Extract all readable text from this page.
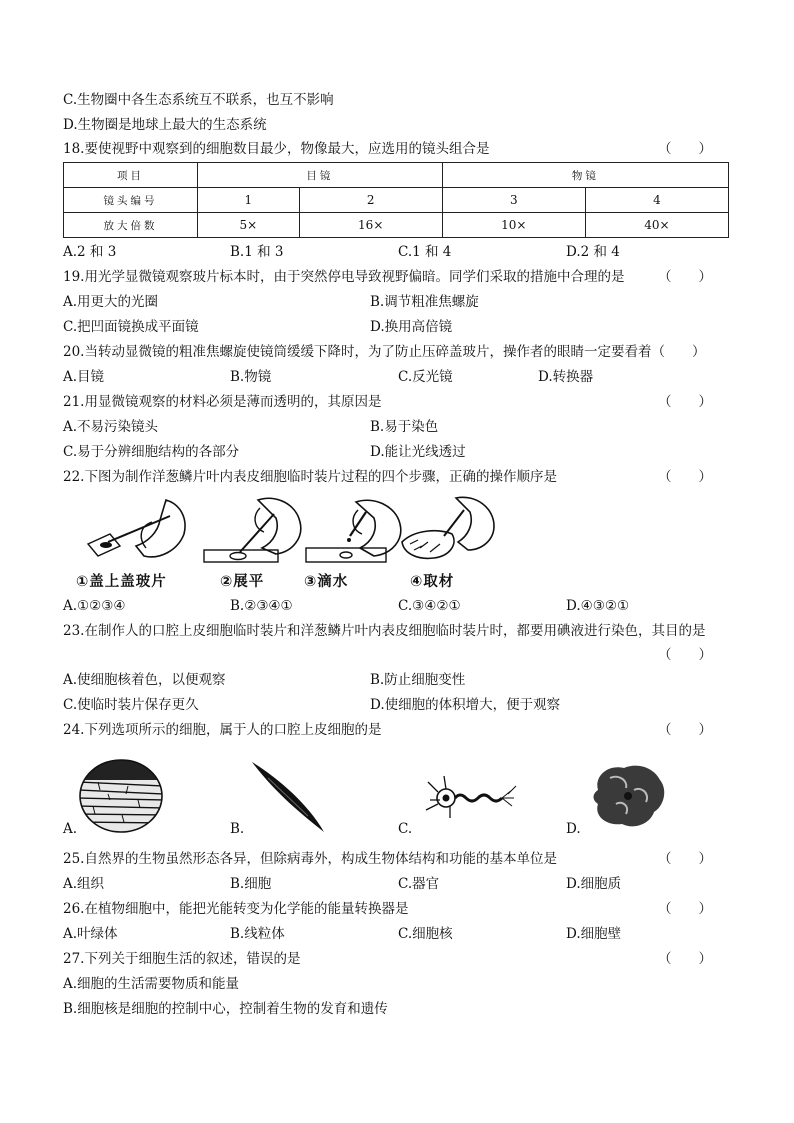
C.生物圈中各生态系统互不联系，也互不影响
D.生物圈是地球上最大的生态系统
18.要使视野中观察到的细胞数目最少，物像最大，应选用的镜头组合是	（　　）
项目	目镜		物镜	
镜头编号	1	2	3	4
放大倍数	5×	16×	10×	40×
A.2 和 3	B.1 和 3	C.1 和 4	D.2 和 4
19.用光学显微镜观察玻片标本时，由于突然停电导致视野偏暗。同学们采取的措施中合理的是 （　　）
A.用更大的光圈	B.调节粗准焦螺旋
C.把凹面镜换成平面镜	D.换用高倍镜
20.当转动显微镜的粗准焦螺旋使镜筒缓缓下降时，为了防止压碎盖玻片，操作者的眼睛一定要看着（　　）
A.目镜	B.物镜	C.反光镜	D.转换器
21.用显微镜观察的材料必须是薄而透明的，其原因是	（　　）
A.不易污染镜头	B.易于染色
C.易于分辨细胞结构的各部分	D.能让光线透过
22.下图为制作洋葱鳞片叶内表皮细胞临时装片过程的四个步骤，正确的操作顺序是	（　　）
①盖上盖玻片	②展平	③滴水	④取材
A.①②③④	B.②③④①	C.③④②①	D.④③②①
23.在制作人的口腔上皮细胞临时装片和洋葱鳞片叶内表皮细胞临时装片时，都要用碘液进行染色，其目的是
（　　）
A.使细胞核着色，以便观察	B.防止细胞变性
C.使临时装片保存更久	D.使细胞的体积增大，便于观察
24.下列选项所示的细胞，属于人的口腔上皮细胞的是	（　　）
A.	B.	C.	D.
25.自然界的生物虽然形态各异，但除病毒外，构成生物体结构和功能的基本单位是	（　　）
A.组织	B.细胞	C.器官	D.细胞质
26.在植物细胞中，能把光能转变为化学能的能量转换器是	（　　）
A.叶绿体	B.线粒体	C.细胞核	D.细胞壁
27.下列关于细胞生活的叙述，错误的是	（　　）
A.细胞的生活需要物质和能量
B.细胞核是细胞的控制中心，控制着生物的发育和遗传
